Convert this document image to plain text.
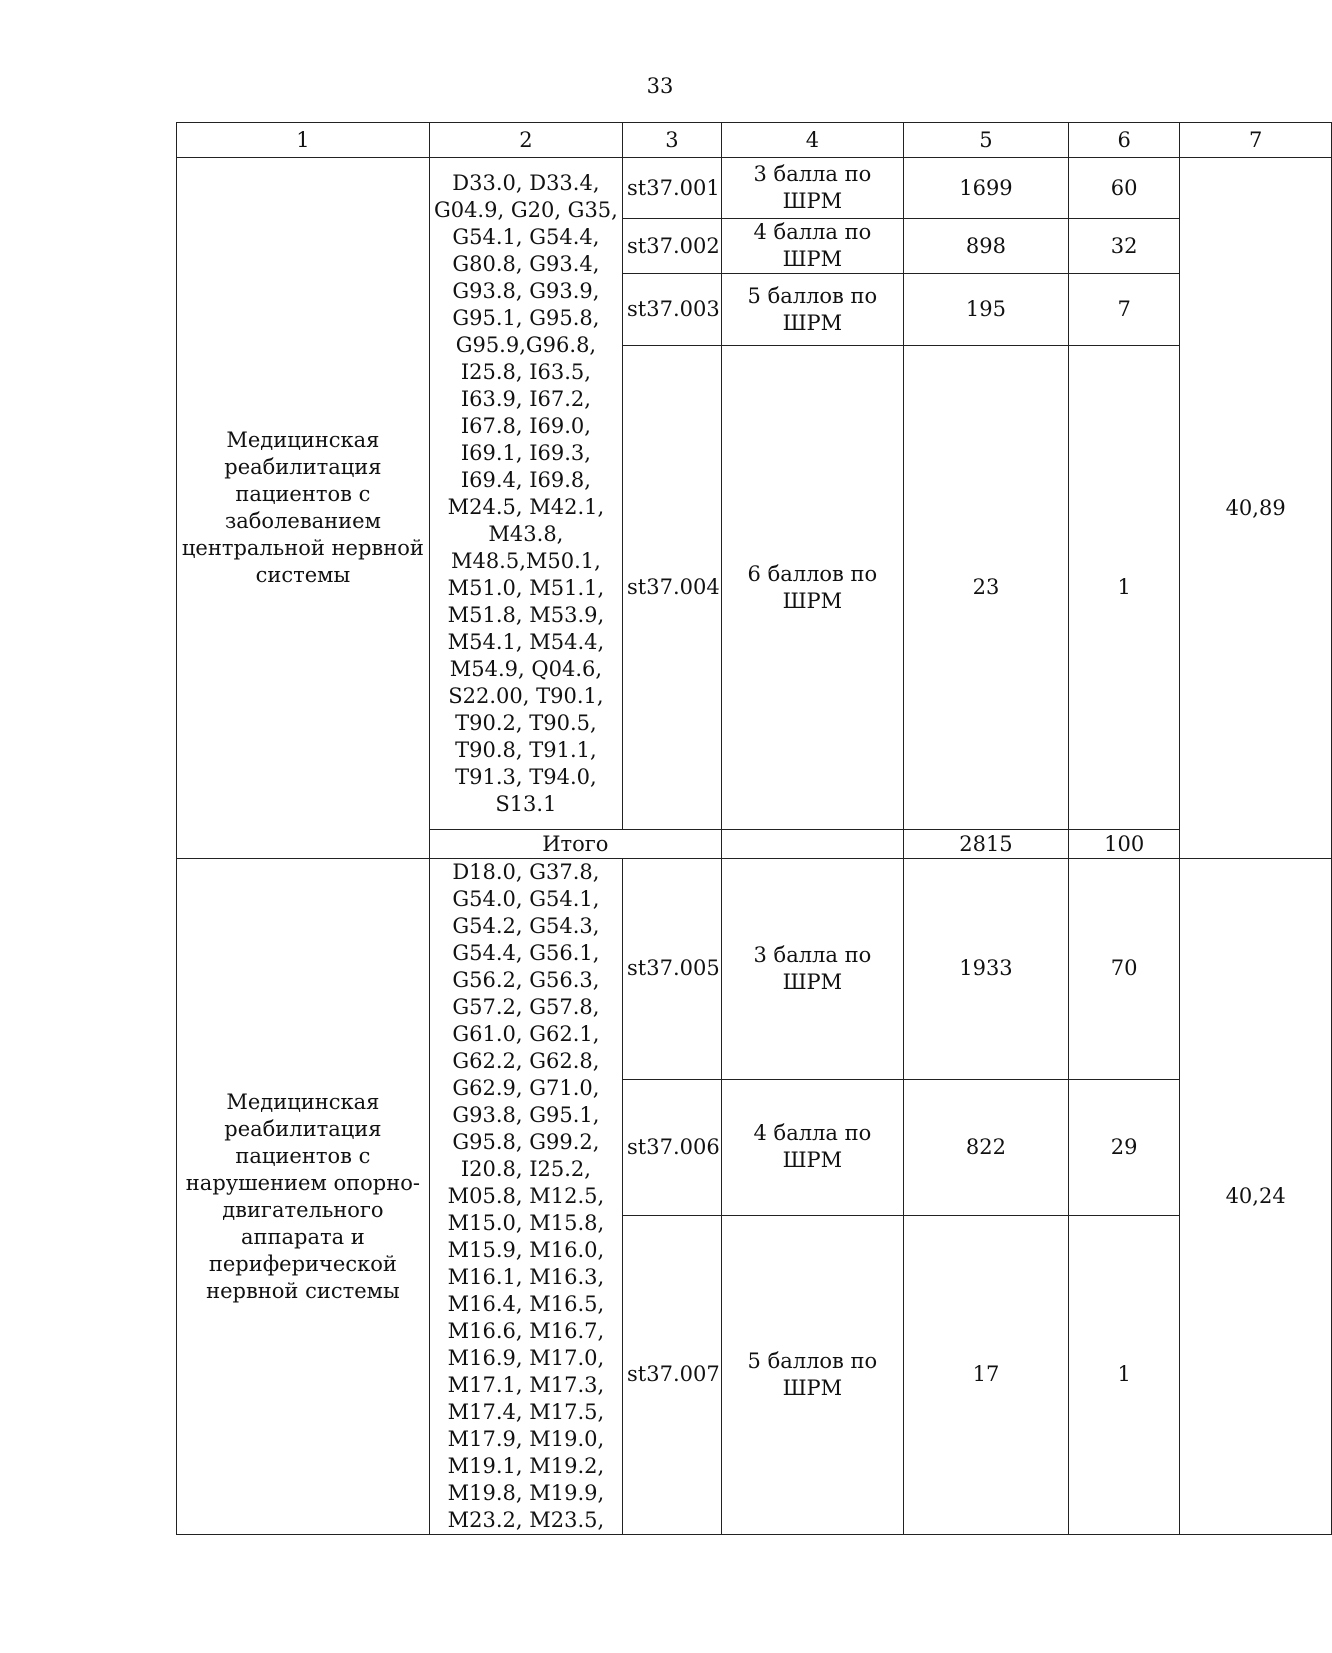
33
1	2	3	4	5	6	7
Медицинская реабилитация пациентов с заболеванием центральной нервной системы	D33.0, D33.4, G04.9, G20, G35, G54.1, G54.4, G80.8, G93.4, G93.8, G93.9, G95.1, G95.8, G95.9,G96.8, I25.8, I63.5, I63.9, I67.2, I67.8, I69.0, I69.1, I69.3, I69.4, I69.8, M24.5, M42.1, M43.8, M48.5,M50.1, M51.0, M51.1, M51.8, M53.9, M54.1, M54.4, M54.9, Q04.6, S22.00, T90.1, T90.2, T90.5, T90.8, T91.1, T91.3, T94.0, S13.1	st37.001	3 балла по ШРМ	1699	60	40,89
		st37.002	4 балла по ШРМ	898	32	
		st37.003	5 баллов по ШРМ	195	7	
		st37.004	6 баллов по ШРМ	23	1	
	Итого			2815	100	
Медицинская реабилитация пациентов с нарушением опорно-двигательного аппарата и периферической нервной системы	D18.0, G37.8, G54.0, G54.1, G54.2, G54.3, G54.4, G56.1, G56.2, G56.3, G57.2, G57.8, G61.0, G62.1, G62.2, G62.8, G62.9, G71.0, G93.8, G95.1, G95.8, G99.2, I20.8, I25.2, M05.8, M12.5, M15.0, M15.8, M15.9, M16.0, M16.1, M16.3, M16.4, M16.5, M16.6, M16.7, M16.9, M17.0, M17.1, M17.3, M17.4, M17.5, M17.9, M19.0, M19.1, M19.2, M19.8, M19.9, M23.2, M23.5,	st37.005	3 балла по ШРМ	1933	70	40,24
		st37.006	4 балла по ШРМ	822	29	
		st37.007	5 баллов по ШРМ	17	1	
